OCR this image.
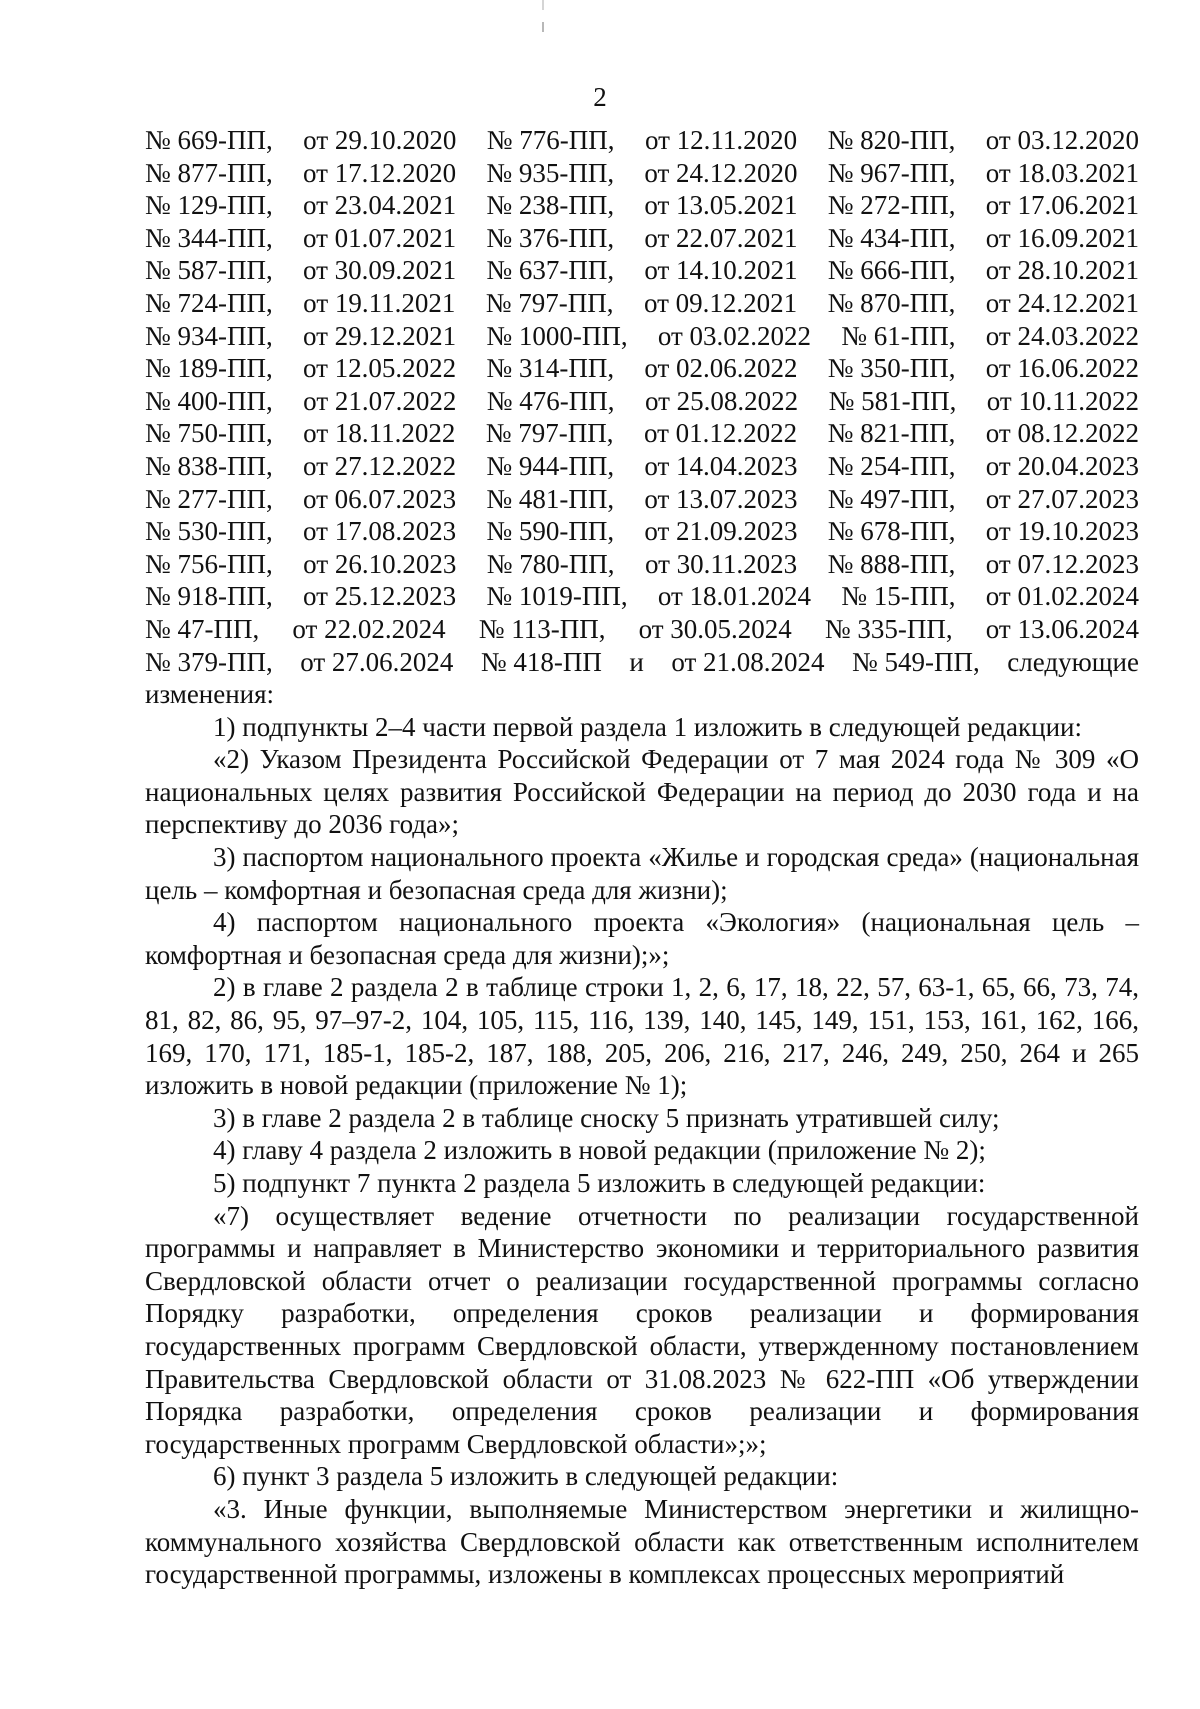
2
№ 669-ПП, от 29.10.2020 № 776-ПП, от 12.11.2020 № 820-ПП, от 03.12.2020
№ 877-ПП, от 17.12.2020 № 935-ПП, от 24.12.2020 № 967-ПП, от 18.03.2021
№ 129-ПП, от 23.04.2021 № 238-ПП, от 13.05.2021 № 272-ПП, от 17.06.2021
№ 344-ПП, от 01.07.2021 № 376-ПП, от 22.07.2021 № 434-ПП, от 16.09.2021
№ 587-ПП, от 30.09.2021 № 637-ПП, от 14.10.2021 № 666-ПП, от 28.10.2021
№ 724-ПП, от 19.11.2021 № 797-ПП, от 09.12.2021 № 870-ПП, от 24.12.2021
№ 934-ПП, от 29.12.2021 № 1000-ПП, от 03.02.2022 № 61-ПП, от 24.03.2022
№ 189-ПП, от 12.05.2022 № 314-ПП, от 02.06.2022 № 350-ПП, от 16.06.2022
№ 400-ПП, от 21.07.2022 № 476-ПП, от 25.08.2022 № 581-ПП, от 10.11.2022
№ 750-ПП, от 18.11.2022 № 797-ПП, от 01.12.2022 № 821-ПП, от 08.12.2022
№ 838-ПП, от 27.12.2022 № 944-ПП, от 14.04.2023 № 254-ПП, от 20.04.2023
№ 277-ПП, от 06.07.2023 № 481-ПП, от 13.07.2023 № 497-ПП, от 27.07.2023
№ 530-ПП, от 17.08.2023 № 590-ПП, от 21.09.2023 № 678-ПП, от 19.10.2023
№ 756-ПП, от 26.10.2023 № 780-ПП, от 30.11.2023 № 888-ПП, от 07.12.2023
№ 918-ПП, от 25.12.2023 № 1019-ПП, от 18.01.2024 № 15-ПП, от 01.02.2024
№ 47-ПП, от 22.02.2024 № 113-ПП, от 30.05.2024 № 335-ПП, от 13.06.2024
№ 379-ПП, от 27.06.2024 № 418-ПП и от 21.08.2024 № 549-ПП, следующие

изменения:

1) подпункты 2–4 части первой раздела 1 изложить в следующей редакции:

«2) Указом Президента Российской Федерации от 7 мая 2024 года № 309 «О национальных целях развития Российской Федерации на период до 2030 года и на перспективу до 2036 года»;

3) паспортом национального проекта «Жилье и городская среда» (национальная цель – комфортная и безопасная среда для жизни);

4) паспортом национального проекта «Экология» (национальная цель – комфортная и безопасная среда для жизни);»;

2) в главе 2 раздела 2 в таблице строки 1, 2, 6, 17, 18, 22, 57, 63-1, 65, 66, 73, 74, 81, 82, 86, 95, 97–97-2, 104, 105, 115, 116, 139, 140, 145, 149, 151, 153, 161, 162, 166, 169, 170, 171, 185-1, 185-2, 187, 188, 205, 206, 216, 217, 246, 249, 250, 264 и 265 изложить в новой редакции (приложение № 1);

3) в главе 2 раздела 2 в таблице сноску 5 признать утратившей силу;

4) главу 4 раздела 2 изложить в новой редакции (приложение № 2);

5) подпункт 7 пункта 2 раздела 5 изложить в следующей редакции:

«7) осуществляет ведение отчетности по реализации государственной программы и направляет в Министерство экономики и территориального развития Свердловской области отчет о реализации государственной программы согласно Порядку разработки, определения сроков реализации и формирования государственных программ Свердловской области, утвержденному постановлением Правительства Свердловской области от 31.08.2023 № 622-ПП «Об утверждении Порядка разработки, определения сроков реализации и формирования государственных программ Свердловской области»;»;

6) пункт 3 раздела 5 изложить в следующей редакции:

«3. Иные функции, выполняемые Министерством энергетики и жилищно-коммунального хозяйства Свердловской области как ответственным исполнителем государственной программы, изложены в комплексах процессных мероприятий
